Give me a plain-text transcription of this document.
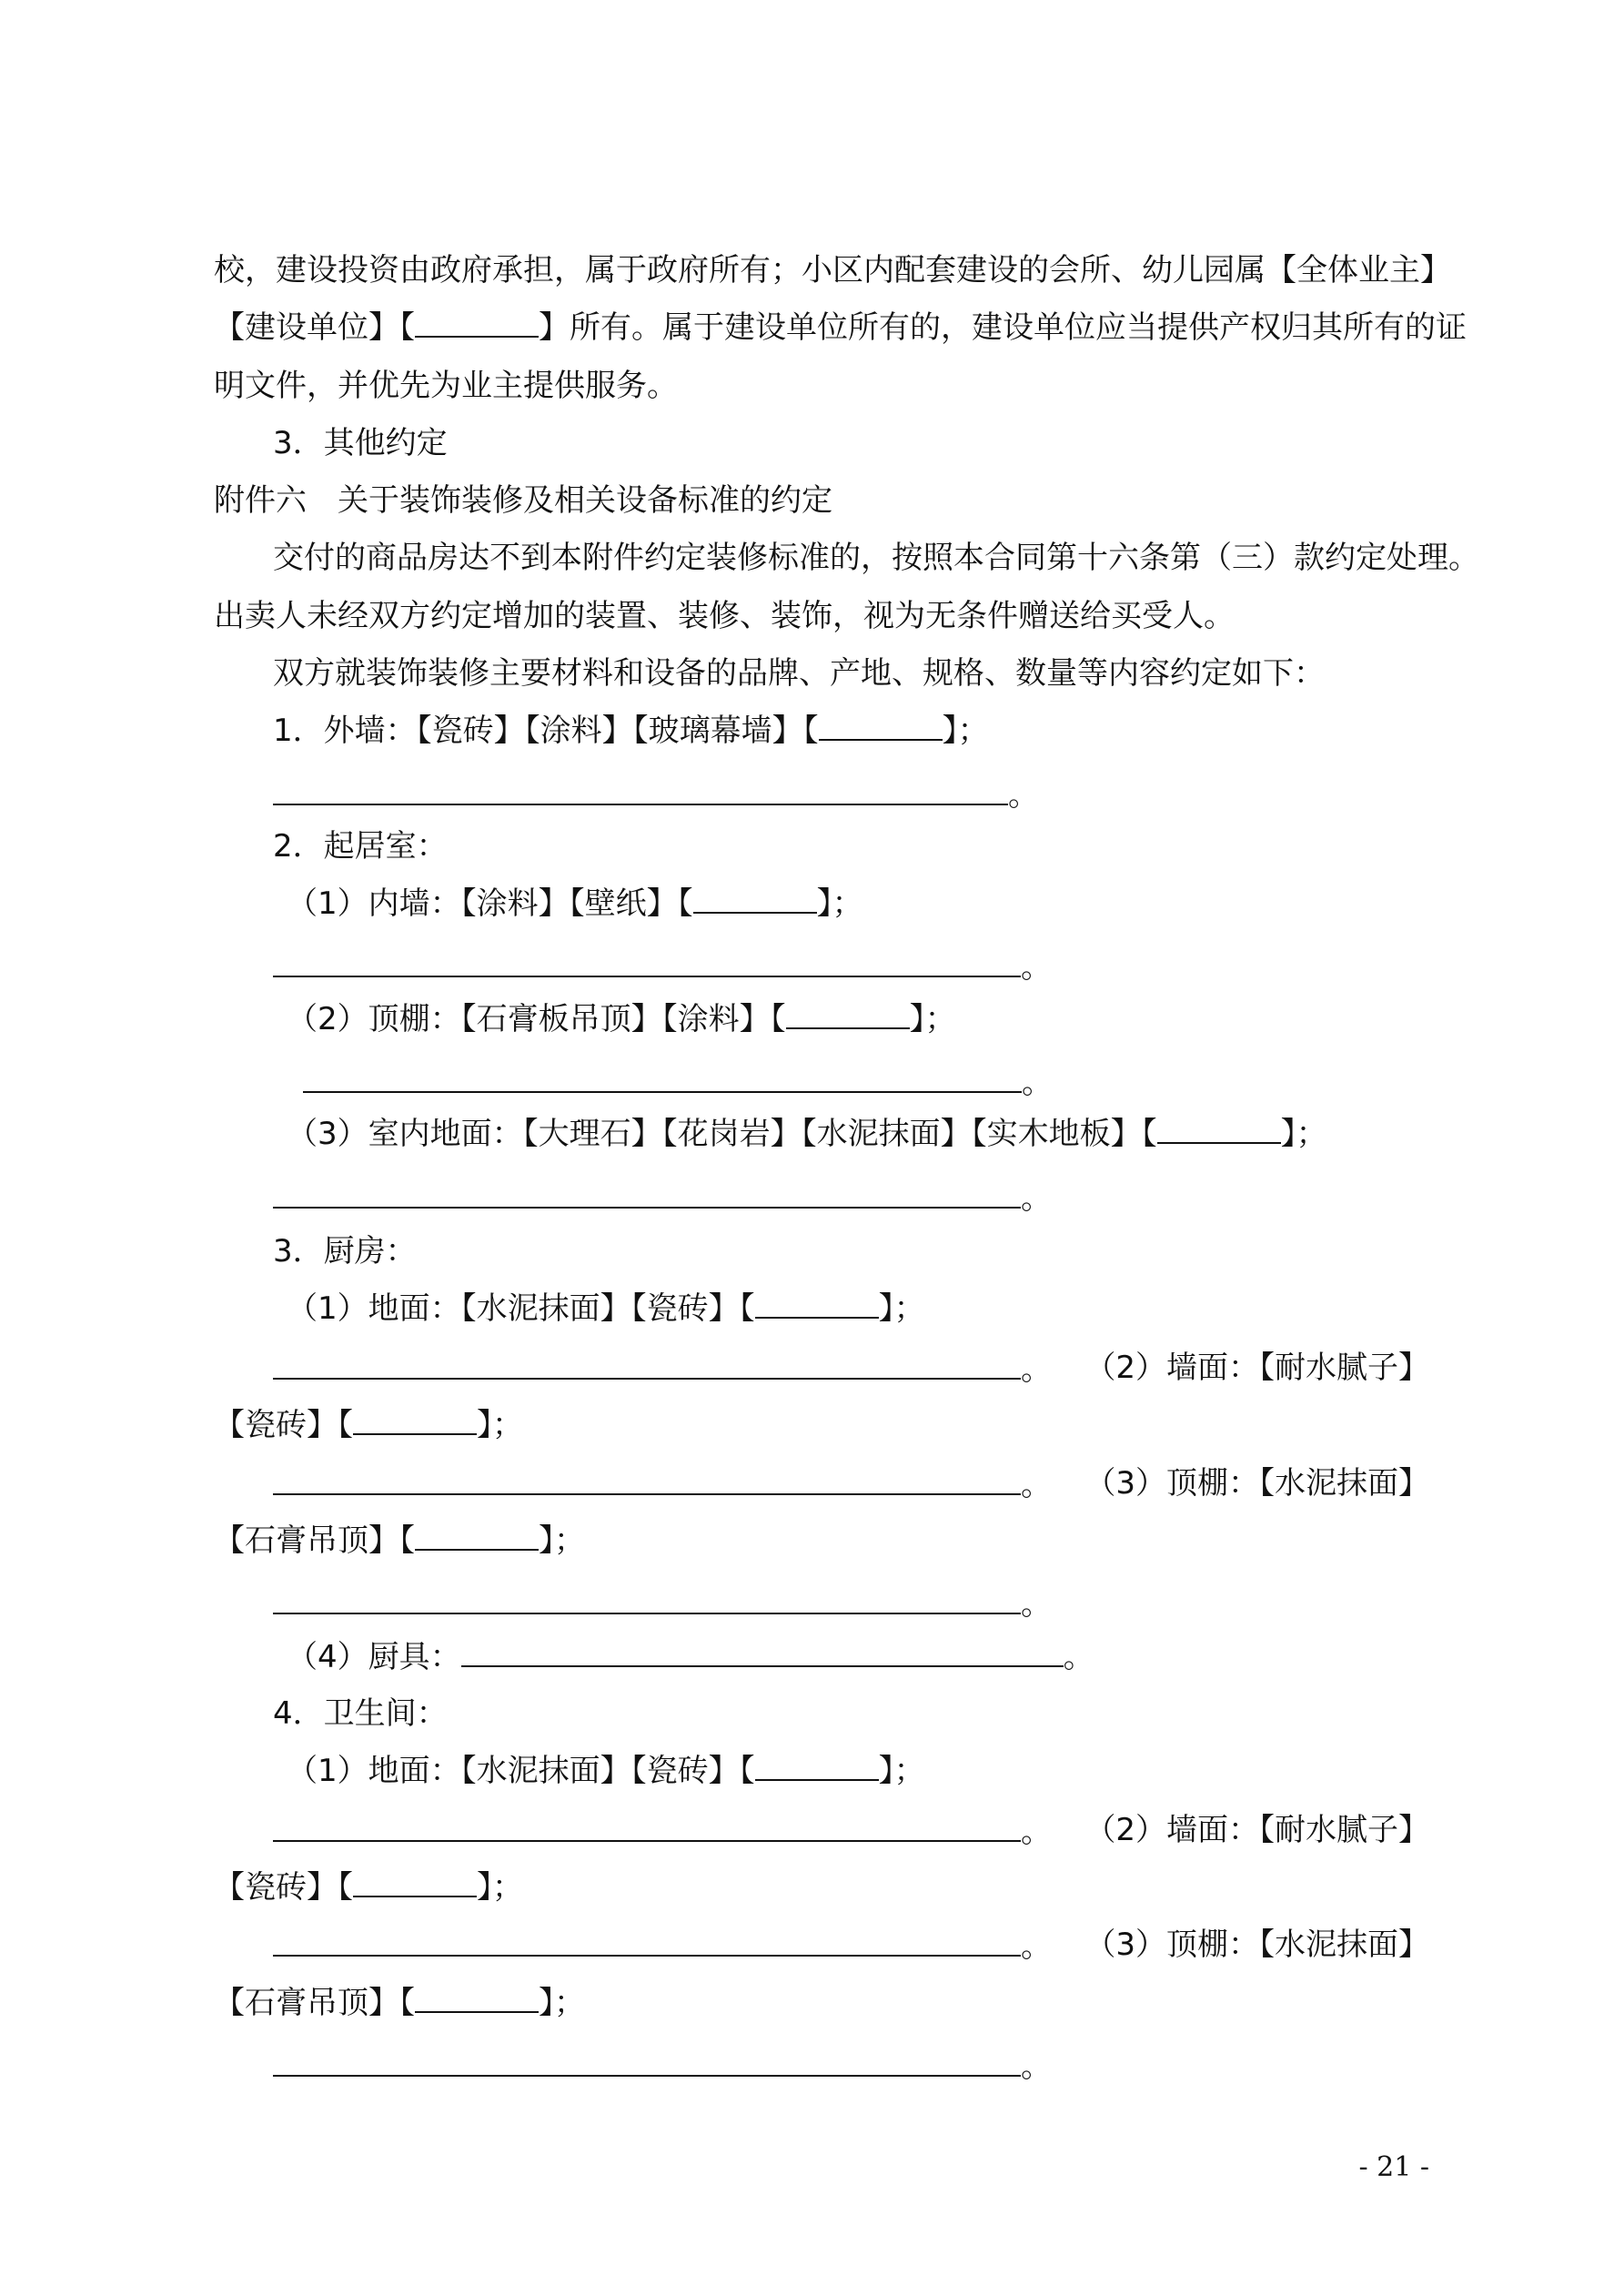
校，建设投资由政府承担，属于政府所有；小区内配套建设的会所、幼儿园属【全体业主】
【建设单位】【	】所有。属于建设单位所有的，建设单位应当提供产权归其所有的证
明文件，并优先为业主提供服务。
3．其他约定
附件六　关于装饰装修及相关设备标准的约定
交付的商品房达不到本附件约定装修标准的，按照本合同第十六条第（三）款约定处理。
出卖人未经双方约定增加的装置、装修、装饰，视为无条件赠送给买受人。
双方就装饰装修主要材料和设备的品牌、产地、规格、数量等内容约定如下：
1．外墙：【瓷砖】【涂料】【玻璃幕墙】【	】；
。
2．起居室：
（1）内墙：【涂料】【壁纸】【	】；
。
（2）顶棚：【石膏板吊顶】【涂料】【	】；
。
（3）室内地面：【大理石】【花岗岩】【水泥抹面】【实木地板】【	】；
。
3．厨房：
（1）地面：【水泥抹面】【瓷砖】【	】；
。 （2）墙面：【耐水腻子】
【瓷砖】【	】；
。 （3）顶棚：【水泥抹面】
【石膏吊顶】【	】；
。
（4）厨具：	。
4．卫生间：
（1）地面：【水泥抹面】【瓷砖】【	】；
。 （2）墙面：【耐水腻子】
【瓷砖】【	】；
。 （3）顶棚：【水泥抹面】
【石膏吊顶】【	】；
。
- 21 -
